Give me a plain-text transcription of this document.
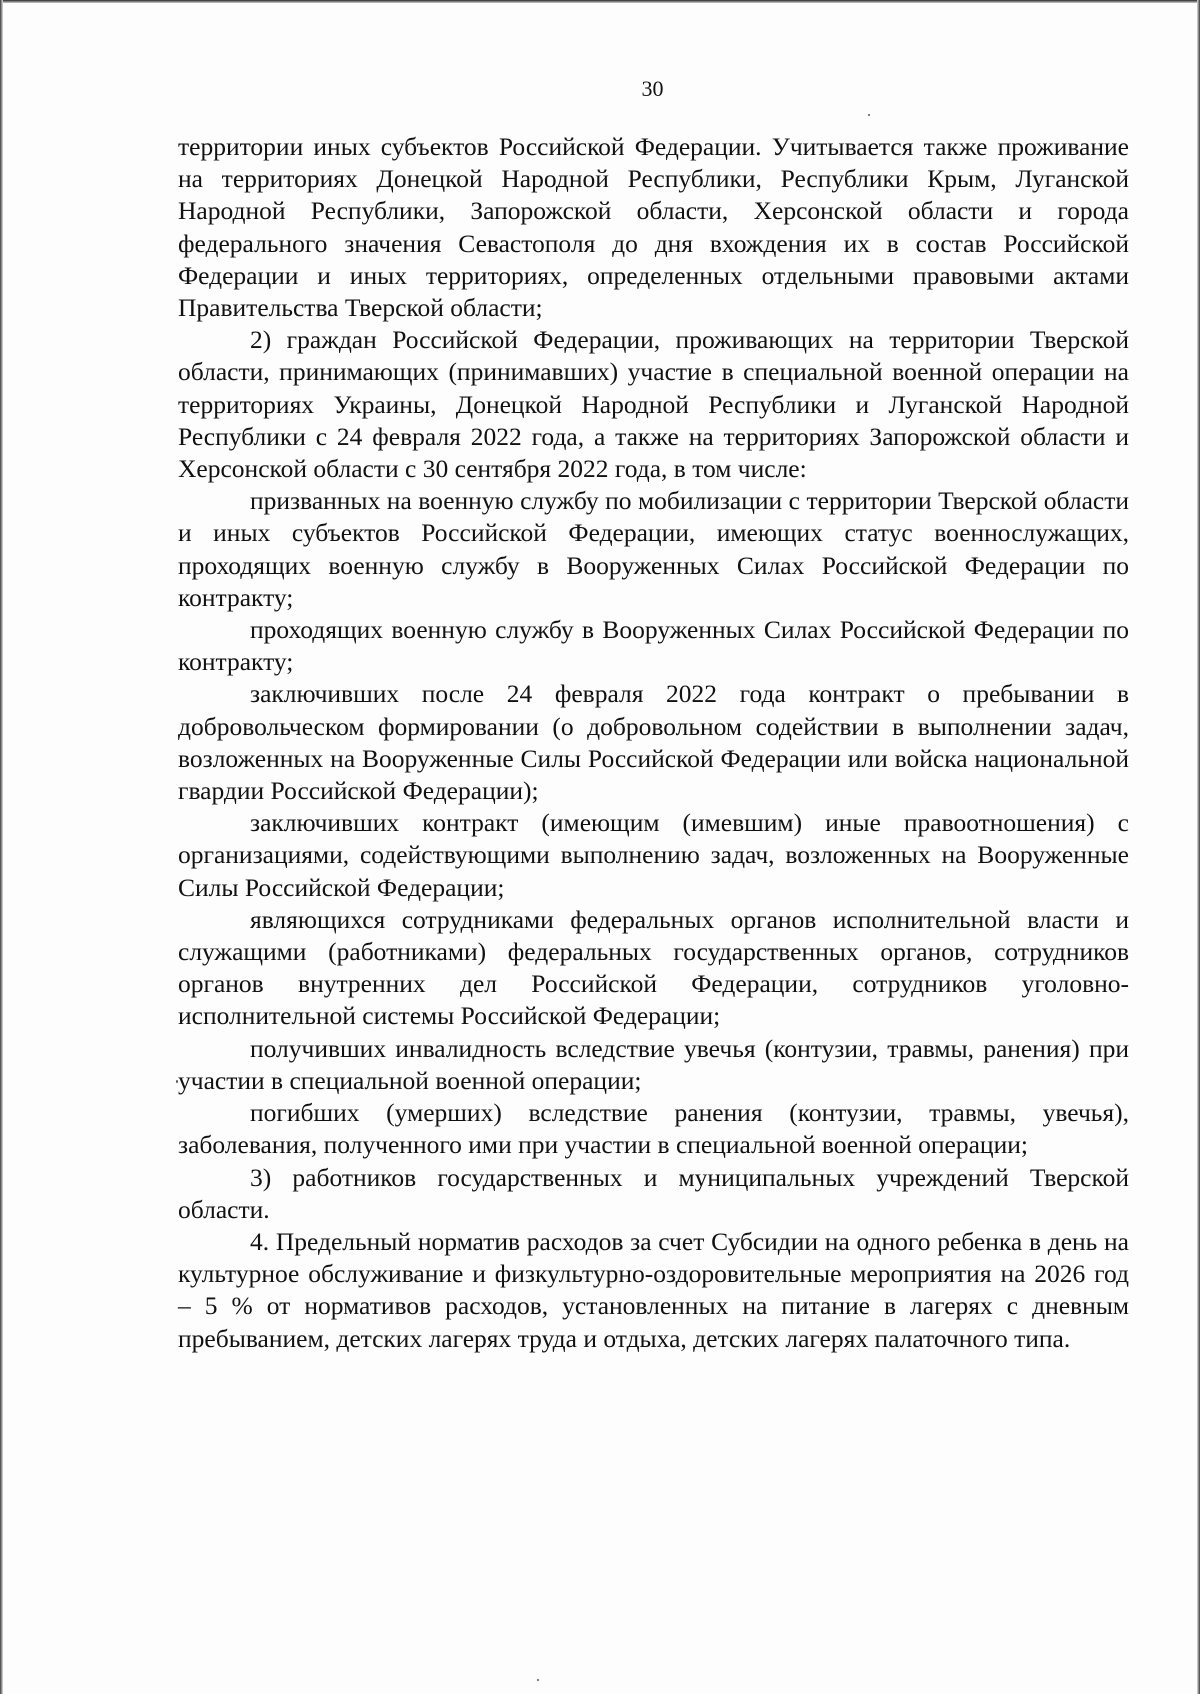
30

территории иных субъектов Российской Федерации. Учитывается также проживание на территориях Донецкой Народной Республики, Республики Крым, Луганской Народной Республики, Запорожской области, Херсонской области и города федерального значения Севастополя до дня вхождения их в состав Российской Федерации и иных территориях, определенных отдельными правовыми актами Правительства Тверской области;

2) граждан Российской Федерации, проживающих на территории Тверской области, принимающих (принимавших) участие в специальной военной операции на территориях Украины, Донецкой Народной Республики и Луганской Народной Республики с 24 февраля 2022 года, а также на территориях Запорожской области и Херсонской области с 30 сентября 2022 года, в том числе:

призванных на военную службу по мобилизации с территории Тверской области и иных субъектов Российской Федерации, имеющих статус военнослужащих, проходящих военную службу в Вооруженных Силах Российской Федерации по контракту;

проходящих военную службу в Вооруженных Силах Российской Федерации по контракту;

заключивших после 24 февраля 2022 года контракт о пребывании в добровольческом формировании (о добровольном содействии в выполнении задач, возложенных на Вооруженные Силы Российской Федерации или войска национальной гвардии Российской Федерации);

заключивших контракт (имеющим (имевшим) иные правоотношения) с организациями, содействующими выполнению задач, возложенных на Вооруженные Силы Российской Федерации;

являющихся сотрудниками федеральных органов исполнительной власти и служащими (работниками) федеральных государственных органов, сотрудников органов внутренних дел Российской Федерации, сотрудников уголовно-исполнительной системы Российской Федерации;

получивших инвалидность вследствие увечья (контузии, травмы, ранения) при участии в специальной военной операции;

погибших (умерших) вследствие ранения (контузии, травмы, увечья), заболевания, полученного ими при участии в специальной военной операции;

3) работников государственных и муниципальных учреждений Тверской области.

4. Предельный норматив расходов за счет Субсидии на одного ребенка в день на культурное обслуживание и физкультурно-оздоровительные мероприятия на 2026 год – 5 % от нормативов расходов, установленных на питание в лагерях с дневным пребыванием, детских лагерях труда и отдыха, детских лагерях палаточного типа.
